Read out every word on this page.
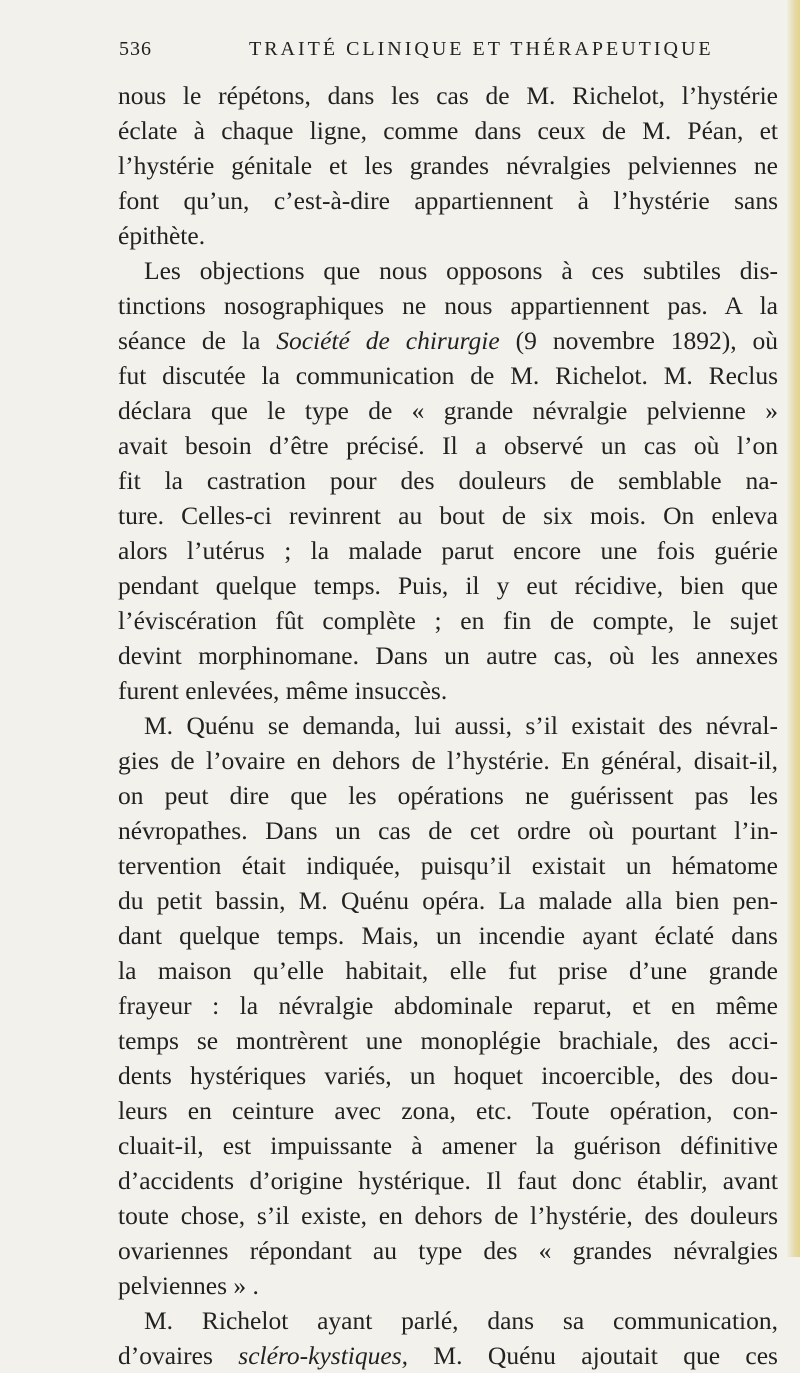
536	TRAITÉ CLINIQUE ET THÉRAPEUTIQUE
nous le répétons, dans les cas de M. Richelot, l’hystérie
éclate à chaque ligne, comme dans ceux de M. Péan, et
l’hystérie génitale et les grandes névralgies pelviennes ne
font qu’un, c’est-à-dire appartiennent à l’hystérie sans
épithète.
Les objections que nous opposons à ces subtiles dis-
tinctions nosographiques ne nous appartiennent pas. A la
séance de la Société de chirurgie (9 novembre 1892), où
fut discutée la communication de M. Richelot. M. Reclus
déclara que le type de « grande névralgie pelvienne »
avait besoin d’être précisé. Il a observé un cas où l’on
fit la castration pour des douleurs de semblable na-
ture. Celles-ci revinrent au bout de six mois. On enleva
alors l’utérus ; la malade parut encore une fois guérie
pendant quelque temps. Puis, il y eut récidive, bien que
l’éviscération fût complète ; en fin de compte, le sujet
devint morphinomane. Dans un autre cas, où les annexes
furent enlevées, même insuccès.
M. Quénu se demanda, lui aussi, s’il existait des névral-
gies de l’ovaire en dehors de l’hystérie. En général, disait-il,
on peut dire que les opérations ne guérissent pas les
névropathes. Dans un cas de cet ordre où pourtant l’in-
tervention était indiquée, puisqu’il existait un hématome
du petit bassin, M. Quénu opéra. La malade alla bien pen-
dant quelque temps. Mais, un incendie ayant éclaté dans
la maison qu’elle habitait, elle fut prise d’une grande
frayeur : la névralgie abdominale reparut, et en même
temps se montrèrent une monoplégie brachiale, des acci-
dents hystériques variés, un hoquet incoercible, des dou-
leurs en ceinture avec zona, etc. Toute opération, con-
cluait-il, est impuissante à amener la guérison définitive
d’accidents d’origine hystérique. Il faut donc établir, avant
toute chose, s’il existe, en dehors de l’hystérie, des douleurs
ovariennes répondant au type des « grandes névralgies
pelviennes » .
M. Richelot ayant parlé, dans sa communication,
d’ovaires scléro-kystiques, M. Quénu ajoutait que ces
